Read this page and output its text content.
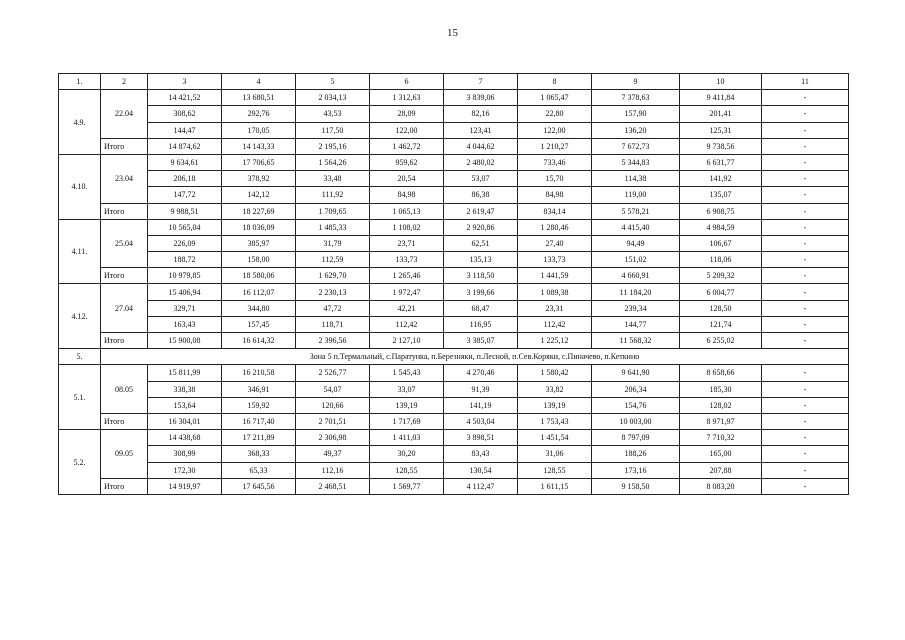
15
1.	2	3	4	5	6	7	8	9	10	11
4.9.	22.04	14 421,52	13 680,51	2 034,13	1 312,63	3 839,06	1 065,47	7 378,63	9 411,84	-
		308,62	292,76	43,53	28,09	82,16	22,80	157,90	201,41	-
		144,47	170,05	117,50	122,00	123,41	122,00	136,20	125,31	-
	Итого	14 874,62	14 143,33	2 195,16	1 462,72	4 044,62	1 210,27	7 672,73	9 738,56	-
4.10.	23.04	9 634,61	17 706,65	1 564,26	959,62	2 480,02	733,46	5 344,83	6 631,77	-
		206,18	378,92	33,48	20,54	53,07	15,70	114,38	141,92	-
		147,72	142,12	111,92	84,98	86,38	84,98	119,00	135,07	-
	Итого	9 988,51	18 227,69	1 709,65	1 065,13	2 619,47	834,14	5 578,21	6 908,75	-
4.11.	25.04	10 565,04	18 036,09	1 485,33	1 108,02	2 920,86	1 280,46	4 415,40	4 984,59	-
		226,09	385,97	31,79	23,71	62,51	27,40	94,49	106,67	-
		188,72	158,00	112,59	133,73	135,13	133,73	151,02	118,06	-
	Итого	10 979,85	18 580,06	1 629,70	1 265,46	3 118,50	1 441,59	4 660,91	5 209,32	-
4.12.	27.04	15 406,94	16 112,07	2 230,13	1 972,47	3 199,66	1 089,38	11 184,20	6 004,77	-
		329,71	344,80	47,72	42,21	68,47	23,31	239,34	128,50	-
		163,43	157,45	118,71	112,42	116,95	112,42	144,77	121,74	-
	Итого	15 900,08	16 614,32	2 396,56	2 127,10	3 385,07	1 225,12	11 568,32	6 255,02	-
5.	Зона 5 п.Термальный, с.Паратунка, п.Березняки, п.Лесной, п.Сев.Коряки, с.Пиначево, п.Кеткино									
5.1.	08.05	15 811,99	16 210,58	2 526,77	1 545,43	4 270,46	1 580,42	9 641,90	8 658,66	-
		338,38	346,91	54,07	33,07	91,39	33,82	206,34	185,30	-
		153,64	159,92	120,66	139,19	141,19	139,19	154,76	128,02	-
	Итого	16 304,01	16 717,40	2 701,51	1 717,69	4 503,04	1 753,43	10 003,00	8 971,97	-
5.2.	09.05	14 438,68	17 211,89	2 306,98	1 411,03	3 898,51	1 451,54	8 797,09	7 710,32	-
		308,99	368,33	49,37	30,20	83,43	31,06	188,26	165,00	-
		172,30	65,33	112,16	128,55	130,54	128,55	173,16	207,88	-
	Итого	14 919,97	17 645,56	2 468,51	1 569,77	4 112,47	1 611,15	9 158,50	8 083,20	-
